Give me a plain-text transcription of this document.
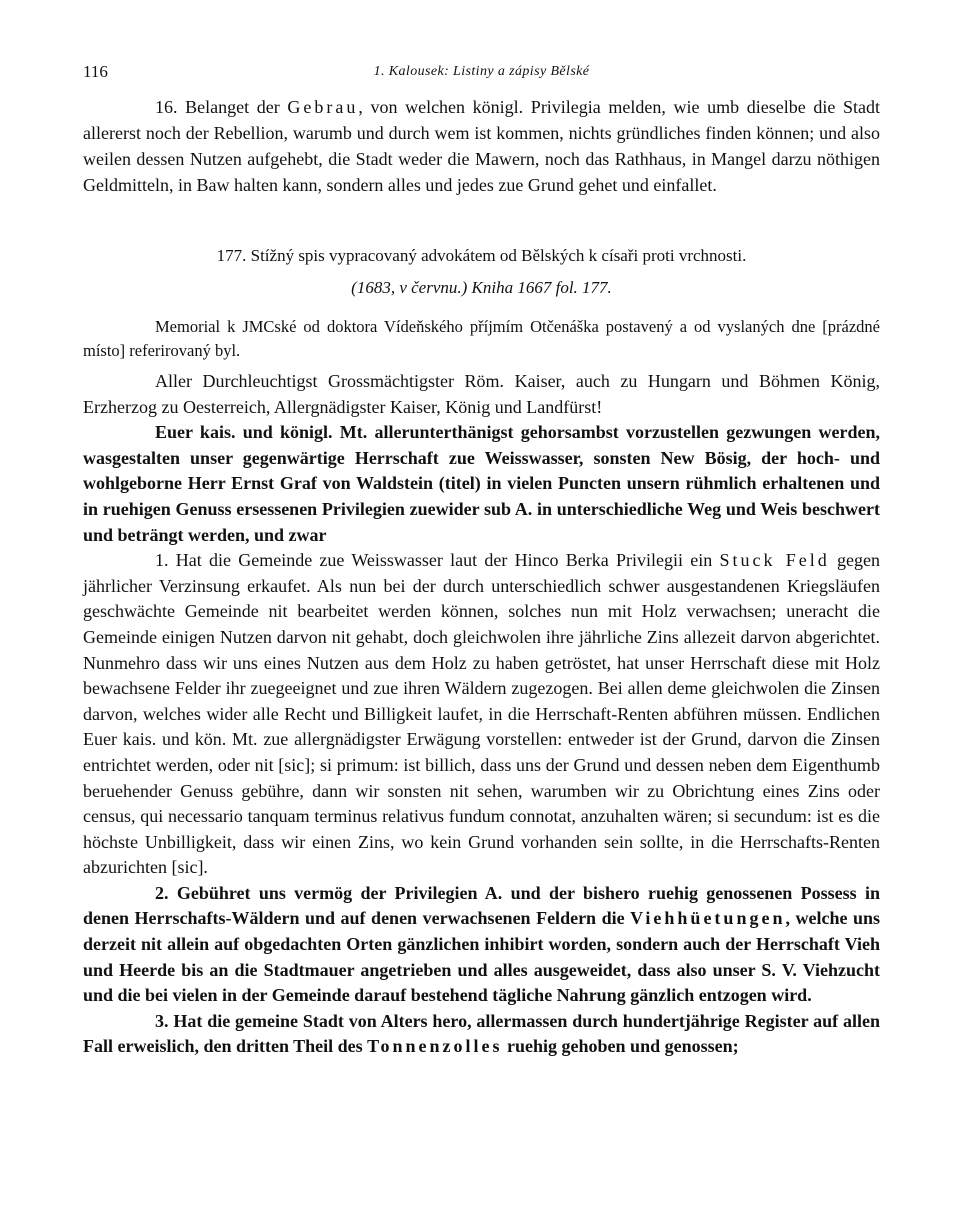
116	1. Kalousek: Listiny a zápisy Bělské

16. Belanget der Gebrau, von welchen königl. Privilegia melden, wie umb dieselbe die Stadt allererst noch der Rebellion, warumb und durch wem ist kommen, nichts gründliches finden können; und also weilen dessen Nutzen aufgehebt, die Stadt weder die Mawern, noch das Rathhaus, in Mangel darzu nöthigen Geldmitteln, in Baw halten kann, sondern alles und jedes zue Grund gehet und einfallet.

177. Stížný spis vypracovaný advokátem od Bělských k císaři proti vrchnosti.
(1683, v červnu.) Kniha 1667 fol. 177.

Memorial k JMCské od doktora Vídeňského příjmím Otčenáška postavený a od vyslaných dne [prázdné místo] referirovaný byl.

Aller Durchleuchtigst Grossmächtigster Röm. Kaiser, auch zu Hungarn und Böhmen König, Erzherzog zu Oesterreich, Allergnädigster Kaiser, König und Landfürst!

Euer kais. und königl. Mt. allerunterthänigst gehorsambst vorzustellen gezwungen werden, wasgestalten unser gegenwärtige Herrschaft zue Weisswasser, sonsten New Bösig, der hoch- und wohlgeborne Herr Ernst Graf von Waldstein (titel) in vielen Puncten unsern rühmlich erhaltenen und in ruehigen Genuss ersessenen Privilegien zuewider sub A. in unterschiedliche Weg und Weis beschwert und beträngt werden, und zwar

1. Hat die Gemeinde zue Weisswasser laut der Hinco Berka Privilegii ein Stuck Feld gegen jährlicher Verzinsung erkaufet. Als nun bei der durch unterschiedlich schwer ausgestandenen Kriegsläufen geschwächte Gemeinde nit bearbeitet werden können, solches nun mit Holz verwachsen; uneracht die Gemeinde einigen Nutzen darvon nit gehabt, doch gleichwolen ihre jährliche Zins allezeit darvon abgerichtet. Nunmehro dass wir uns eines Nutzen aus dem Holz zu haben getröstet, hat unser Herrschaft diese mit Holz bewachsene Felder ihr zuegeeignet und zue ihren Wäldern zugezogen. Bei allen deme gleichwolen die Zinsen darvon, welches wider alle Recht und Billigkeit laufet, in die Herrschaft-Renten abführen müssen. Endlichen Euer kais. und kön. Mt. zue allergnädigster Erwägung vorstellen: entweder ist der Grund, darvon die Zinsen entrichtet werden, oder nit [sic]; si primum: ist billich, dass uns der Grund und dessen neben dem Eigenthumb beruehender Genuss gebühre, dann wir sonsten nit sehen, warumben wir zu Obrichtung eines Zins oder census, qui necessario tanquam terminus relativus fundum connotat, anzuhalten wären; si secundum: ist es die höchste Unbilligkeit, dass wir einen Zins, wo kein Grund vorhanden sein sollte, in die Herrschafts-Renten abzurichten [sic].

2. Gebühret uns vermög der Privilegien A. und der bishero ruehig genossenen Possess in denen Herrschafts-Wäldern und auf denen verwachsenen Feldern die Viehhüetungen, welche uns derzeit nit allein auf obgedachten Orten gänzlichen inhibirt worden, sondern auch der Herrschaft Vieh und Heerde bis an die Stadtmauer angetrieben und alles ausgeweidet, dass also unser S. V. Viehzucht und die bei vielen in der Gemeinde darauf bestehend tägliche Nahrung gänzlich entzogen wird.

3. Hat die gemeine Stadt von Alters hero, allermassen durch hundertjährige Register auf allen Fall erweislich, den dritten Theil des Tonnenzolles ruehig gehoben und genossen;
